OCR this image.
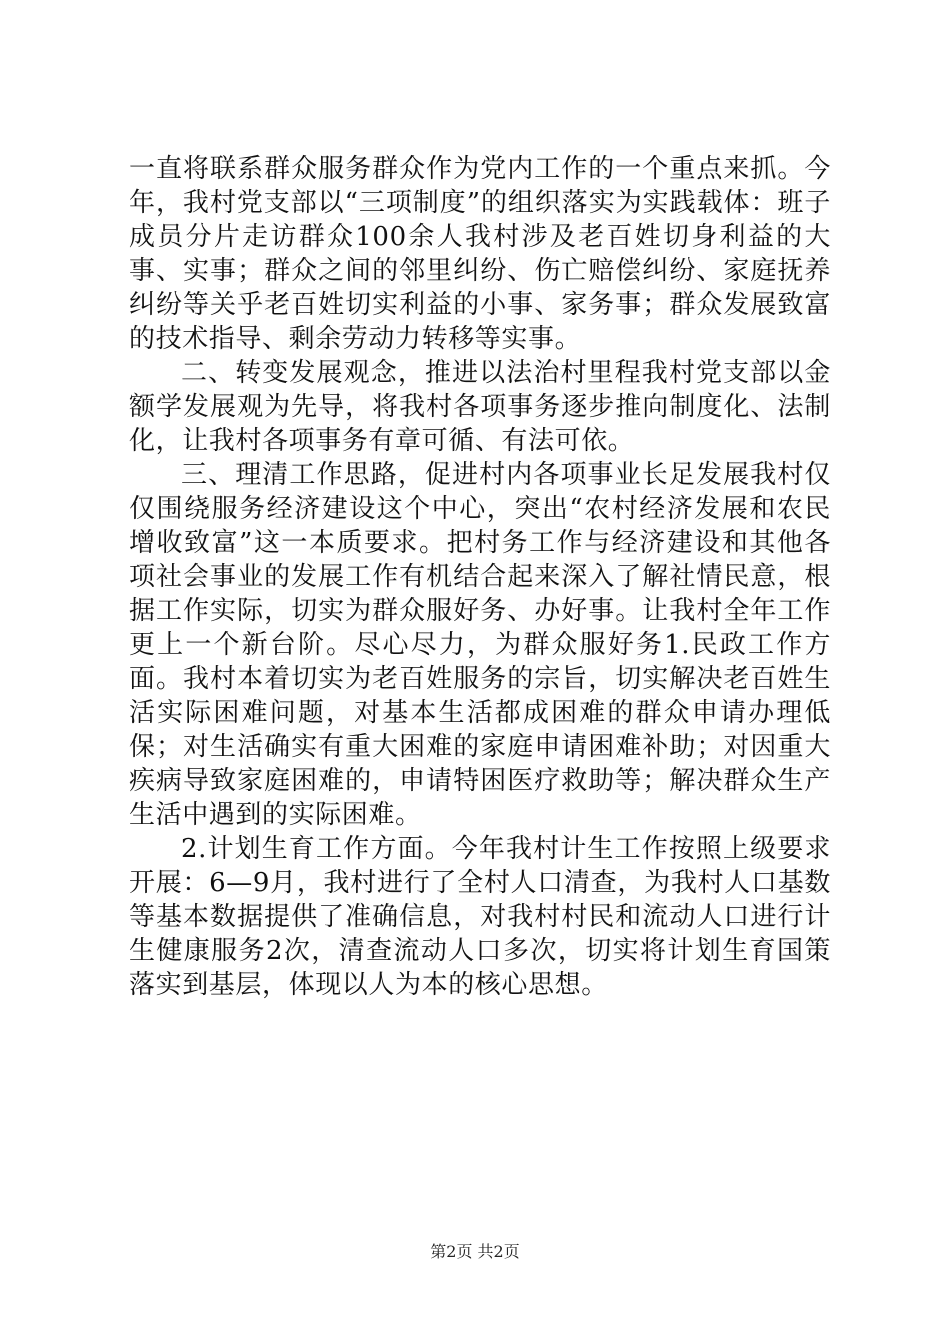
一直将联系群众服务群众作为党内工作的一个重点来抓。今年，我村党支部以“三项制度”的组织落实为实践载体：班子成员分片走访群众100余人我村涉及老百姓切身利益的大事、实事；群众之间的邻里纠纷、伤亡赔偿纠纷、家庭抚养纠纷等关乎老百姓切实利益的小事、家务事；群众发展致富的技术指导、剩余劳动力转移等实事。

二、转变发展观念，推进以法治村里程我村党支部以金额学发展观为先导，将我村各项事务逐步推向制度化、法制化，让我村各项事务有章可循、有法可依。

三、理清工作思路，促进村内各项事业长足发展我村仅仅围绕服务经济建设这个中心，突出“农村经济发展和农民增收致富”这一本质要求。把村务工作与经济建设和其他各项社会事业的发展工作有机结合起来深入了解社情民意，根据工作实际，切实为群众服好务、办好事。让我村全年工作更上一个新台阶。尽心尽力，为群众服好务1.民政工作方面。我村本着切实为老百姓服务的宗旨，切实解决老百姓生活实际困难问题，对基本生活都成困难的群众申请办理低保；对生活确实有重大困难的家庭申请困难补助；对因重大疾病导致家庭困难的，申请特困医疗救助等；解决群众生产生活中遇到的实际困难。

2.计划生育工作方面。今年我村计生工作按照上级要求开展：6—9月，我村进行了全村人口清查，为我村人口基数等基本数据提供了准确信息，对我村村民和流动人口进行计生健康服务2次，清查流动人口多次，切实将计划生育国策落实到基层，体现以人为本的核心思想。

第2页 共2页
